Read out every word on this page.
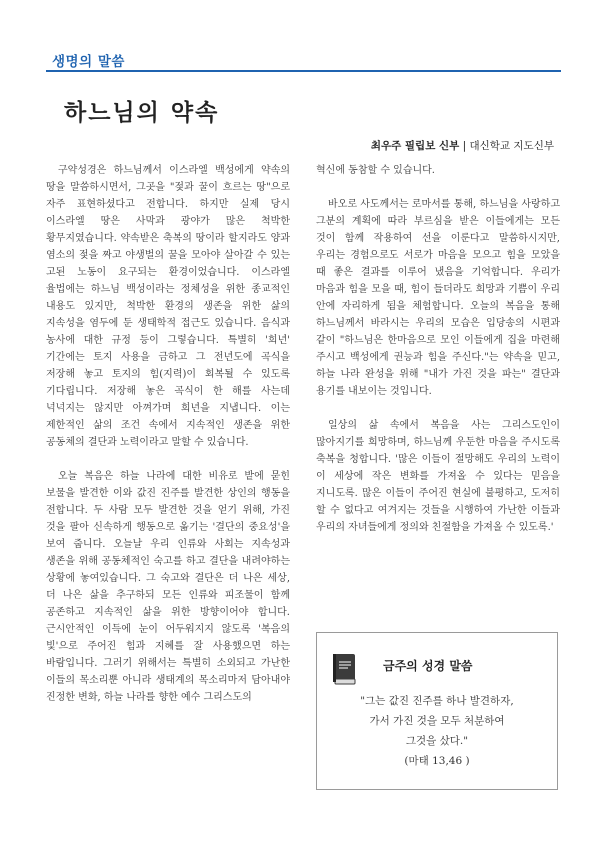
생명의 말씀
하느님의 약속
최우주 필립보 신부 | 대신학교 지도신부

구약성경은 하느님께서 이스라엘 백성에게 약속의 땅을 말씀하시면서, 그곳을 "젖과 꿀이 흐르는 땅"으로 자주 표현하셨다고 전합니다. 하지만 실제 당시 이스라엘 땅은 사막과 광야가 많은 척박한 황무지였습니다. 약속받은 축복의 땅이라 할지라도 양과 염소의 젖을 짜고 야생벌의 꿀을 모아야 살아갈 수 있는 고된 노동이 요구되는 환경이었습니다. 이스라엘 율법에는 하느님 백성이라는 정체성을 위한 종교적인 내용도 있지만, 척박한 환경의 생존을 위한 삶의 지속성을 염두에 둔 생태학적 접근도 있습니다. 음식과 농사에 대한 규정 등이 그렇습니다. 특별히 '희년' 기간에는 토지 사용을 금하고 그 전년도에 곡식을 저장해 놓고 토지의 힘(지력)이 회복될 수 있도록 기다립니다. 저장해 놓은 곡식이 한 해를 사는데 넉넉지는 않지만 아껴가며 희년을 지냅니다. 이는 제한적인 삶의 조건 속에서 지속적인 생존을 위한 공동체의 결단과 노력이라고 말할 수 있습니다.

오늘 복음은 하늘 나라에 대한 비유로 밭에 묻힌 보물을 발견한 이와 값진 진주를 발견한 상인의 행동을 전합니다. 두 사람 모두 발견한 것을 얻기 위해, 가진 것을 팔아 신속하게 행동으로 옮기는 '결단의 중요성'을 보여 줍니다. 오늘날 우리 인류와 사회는 지속성과 생존을 위해 공동체적인 숙고를 하고 결단을 내려야하는 상황에 놓여있습니다. 그 숙고와 결단은 더 나은 세상, 더 나은 삶을 추구하되 모든 인류와 피조물이 함께 공존하고 지속적인 삶을 위한 방향이어야 합니다. 근시안적인 이득에 눈이 어두워지지 않도록 '복음의 빛'으로 주어진 힘과 지혜를 잘 사용했으면 하는 바람입니다. 그러기 위해서는 특별히 소외되고 가난한 이들의 목소리뿐 아니라 생태계의 목소리마저 담아내야 진정한 변화, 하늘 나라를 향한 예수 그리스도의

혁신에 동참할 수 있습니다.

바오로 사도께서는 로마서를 통해, 하느님을 사랑하고 그분의 계획에 따라 부르심을 받은 이들에게는 모든 것이 함께 작용하여 선을 이룬다고 말씀하시지만, 우리는 경험으로도 서로가 마음을 모으고 힘을 모았을 때 좋은 결과를 이루어 냈음을 기억합니다. 우리가 마음과 힘을 모을 때, 힘이 들더라도 희망과 기쁨이 우리 안에 자리하게 됨을 체험합니다. 오늘의 복음을 통해 하느님께서 바라시는 우리의 모습은 입당송의 시편과 같이 "하느님은 한마음으로 모인 이들에게 집을 마련해 주시고 백성에게 권능과 힘을 주신다."는 약속을 믿고, 하늘 나라 완성을 위해 "내가 가진 것을 파는" 결단과 용기를 내보이는 것입니다.

일상의 삶 속에서 복음을 사는 그리스도인이 많아지기를 희망하며, 하느님께 우둔한 마음을 주시도록 축복을 청합니다. '많은 이들이 절망해도 우리의 노력이 이 세상에 작은 변화를 가져올 수 있다는 믿음을 지니도록. 많은 이들이 주어진 현실에 불평하고, 도저히 할 수 없다고 여겨지는 것들을 시행하여 가난한 이들과 우리의 자녀들에게 정의와 친절함을 가져올 수 있도록.'

금주의 성경 말씀
"그는 값진 진주를 하나 발견하자,
가서 가진 것을 모두 처분하여
그것을 샀다."
(마태 13,46 )
